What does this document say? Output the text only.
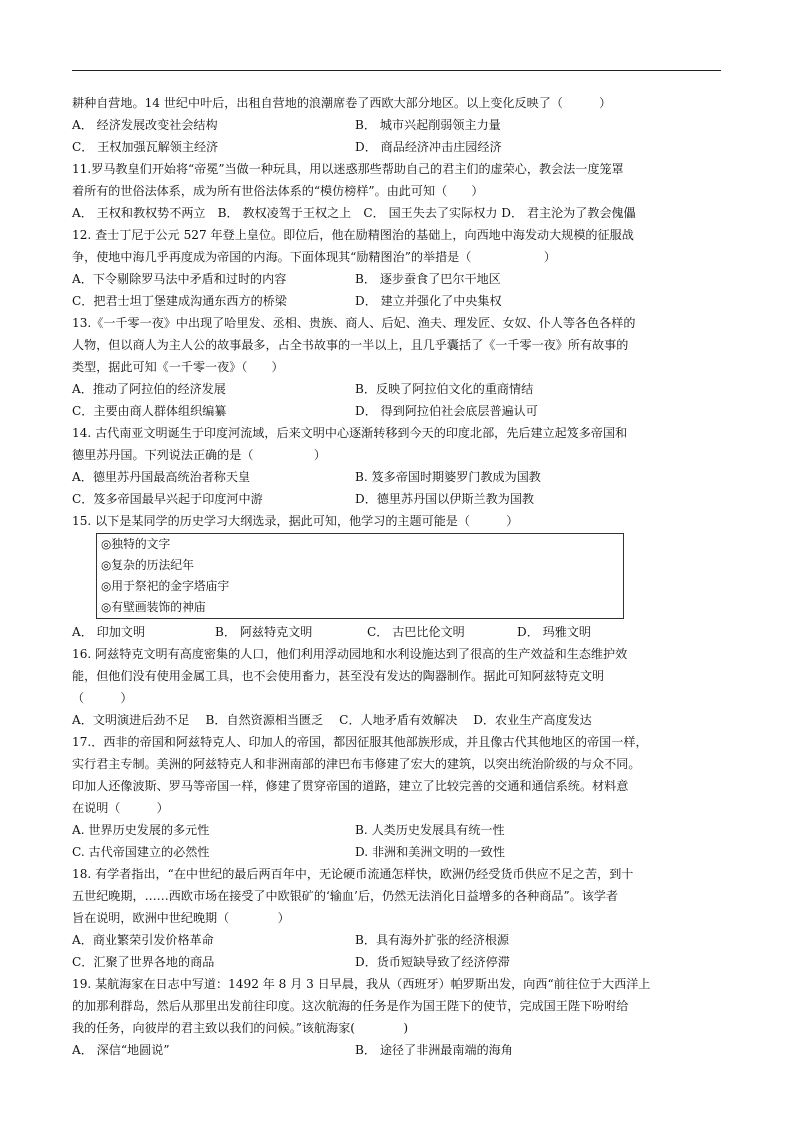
耕种自营地。14 世纪中叶后，出租自营地的浪潮席卷了西欧大部分地区。以上变化反映了（　　　）
A． 经济发展改变社会结构	B． 城市兴起削弱领主力量
C． 王权加强瓦解领主经济	D． 商品经济冲击庄园经济
11.罗马教皇们开始将“帝冕”当做一种玩具，用以迷惑那些帮助自己的君主们的虚荣心，教会法一度笼罩
着所有的世俗法体系，成为所有世俗法体系的“模仿榜样”。由此可知（　　）
A． 王权和教权势不两立　B． 教权凌驾于王权之上　C． 国王失去了实际权力 D． 君主沦为了教会傀儡
12. 查士丁尼于公元 527 年登上皇位。即位后，他在励精图治的基础上，向西地中海发动大规模的征服战
争，使地中海几乎再度成为帝国的内海。下面体现其“励精图治”的举措是（　　　　　　）
A．下令剔除罗马法中矛盾和过时的内容	B． 逐步蚕食了巴尔干地区
C．把君士坦丁堡建成沟通东西方的桥梁	D． 建立并强化了中央集权
13.《一千零一夜》中出现了哈里发、丞相、贵族、商人、后妃、渔夫、理发匠、女奴、仆人等各色各样的
人物，但以商人为主人公的故事最多，占全书故事的一半以上，且几乎囊括了《一千零一夜》所有故事的
类型，据此可知《一千零一夜》（　　）
A．推动了阿拉伯的经济发展	B．反映了阿拉伯文化的重商情结
C．主要由商人群体组织编纂	D． 得到阿拉伯社会底层普遍认可
14. 古代南亚文明诞生于印度河流域，后来文明中心逐渐转移到今天的印度北部，先后建立起笈多帝国和
德里苏丹国。下列说法正确的是（　　　　　）
A．德里苏丹国最高统治者称天皇	B. 笈多帝国时期婆罗门教成为国教
C．笈多帝国最早兴起于印度河中游	D．德里苏丹国以伊斯兰教为国教
15. 以下是某同学的历史学习大纲选录，据此可知，他学习的主题可能是（　　　）
◎独特的文字
◎复杂的历法纪年
◎用于祭祀的金字塔庙宇
◎有壁画装饰的神庙
A． 印加文明	B． 阿兹特克文明	C． 古巴比伦文明	D． 玛雅文明
16. 阿兹特克文明有高度密集的人口，他们利用浮动园地和水利设施达到了很高的生产效益和生态维护效
能，但他们没有使用金属工具，也不会使用畜力，甚至没有发达的陶器制作。据此可知阿兹特克文明
（　　　）
A．文明演进后劲不足　 B．自然资源相当匮乏　 C．人地矛盾有效解决　 D．农业生产高度发达
17.．西非的帝国和阿兹特克人、印加人的帝国，都因征服其他部族形成，并且像古代其他地区的帝国一样，
实行君主专制。美洲的阿兹特克人和非洲南部的津巴布韦修建了宏大的建筑，以突出统治阶级的与众不同。
印加人还像波斯、罗马等帝国一样，修建了贯穿帝国的道路，建立了比较完善的交通和通信系统。材料意
在说明（　　　）
A. 世界历史发展的多元性	B. 人类历史发展具有统一性
C. 古代帝国建立的必然性	D. 非洲和美洲文明的一致性
18. 有学者指出，“在中世纪的最后两百年中，无论硬币流通怎样快，欧洲仍经受货币供应不足之苦，到十
五世纪晚期，……西欧市场在接受了中欧银矿的‘输血’后，仍然无法消化日益增多的各种商品”。该学者
旨在说明，欧洲中世纪晚期（　　　　）
A．商业繁荣引发价格革命	B．具有海外扩张的经济根源
C．汇聚了世界各地的商品	D．货币短缺导致了经济停滞
19. 某航海家在日志中写道：1492 年 8 月 3 日早晨，我从（西班牙）帕罗斯出发，向西“前往位于大西洋上
的加那利群岛，然后从那里出发前往印度。这次航海的任务是作为国王陛下的使节，完成国王陛下吩咐给
我的任务，向彼岸的君主致以我们的问候。”该航海家(　　　　)
A． 深信“地圆说”	B． 途径了非洲最南端的海角
